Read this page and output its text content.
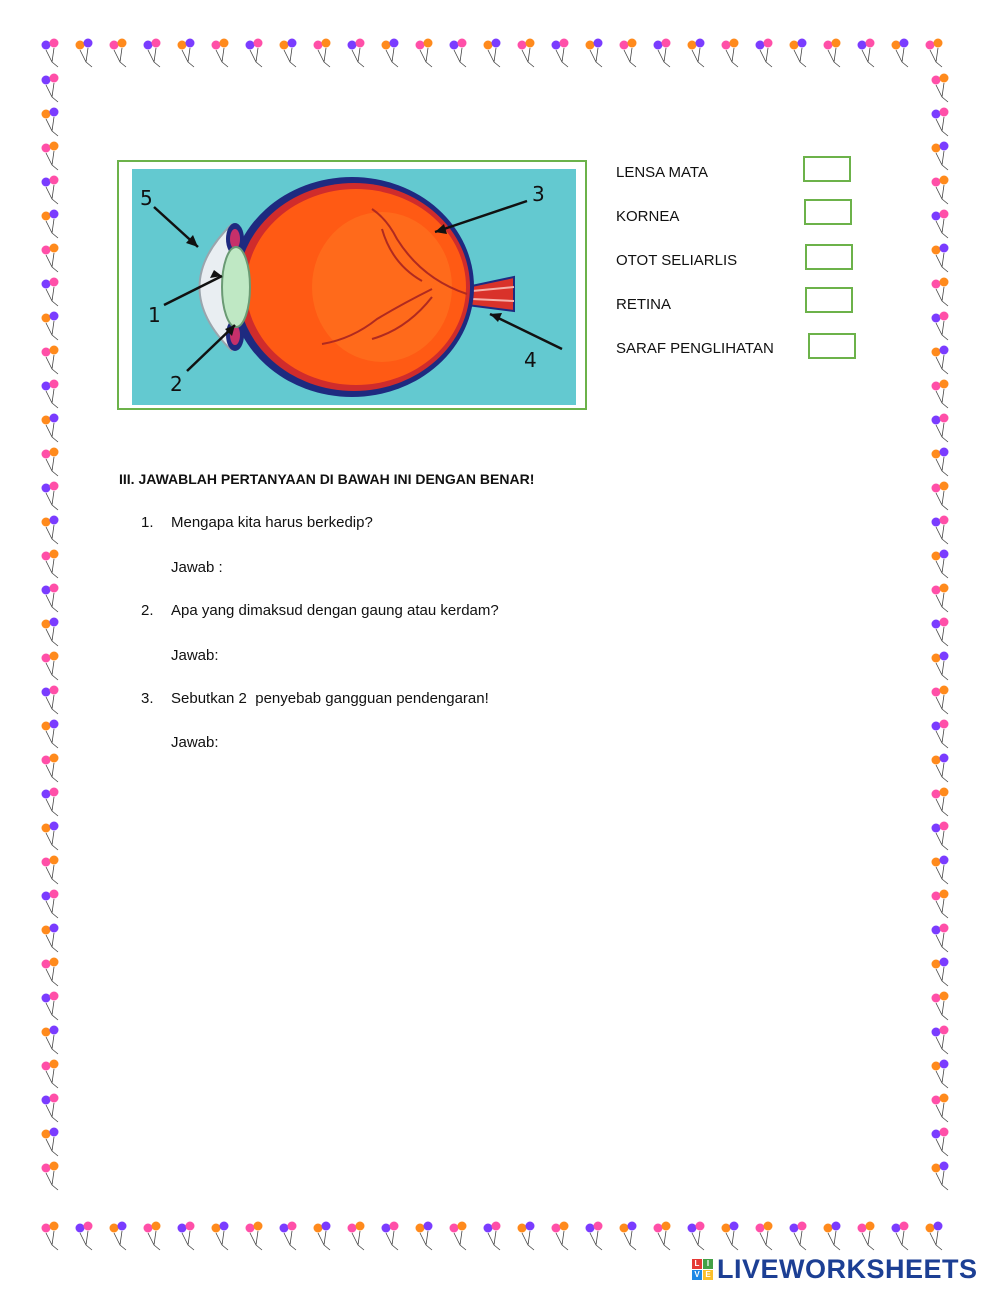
5
1
2
3
4
LENSA MATA
KORNEA
OTOT SELIARLIS
RETINA
SARAF PENGLIHATAN
III. JAWABLAH PERTANYAAN DI BAWAH INI DENGAN BENAR!
1. Mengapa kita harus berkedip?
Jawab :
2. Apa yang dimaksud dengan gaung atau kerdam?
Jawab:
3. Sebutkan 2  penyebab gangguan pendengaran!
Jawab:
L I
V E LIVEWORKSHEETS
